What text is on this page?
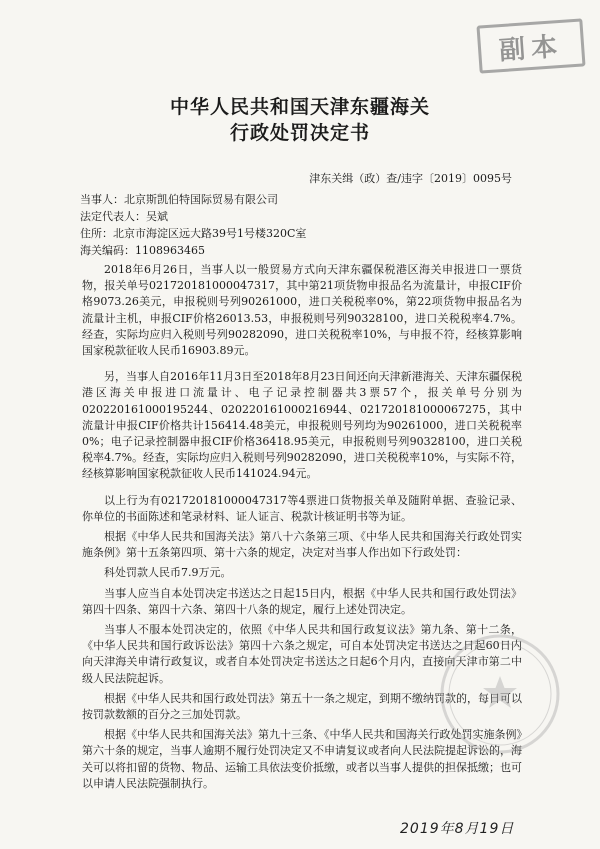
副本
中华人民共和国天津东疆海关
行政处罚决定书
津东关缉（政）查/违字〔2019〕0095号
当事人：北京斯凯伯特国际贸易有限公司
法定代表人：吴斌
住所：北京市海淀区远大路39号1号楼320C室
海关编码：1108963465

2018年6月26日，当事人以一般贸易方式向天津东疆保税港区海关申报进口一票货物，报关单号021720181000047317，其中第21项货物申报品名为流量计，申报CIF价格9073.26美元，申报税则号列90261000，进口关税税率0%，第22项货物申报品名为流量计主机，申报CIF价格26013.53，申报税则号列90328100，进口关税税率4.7%。经查，实际均应归入税则号列90282090，进口关税税率10%，与申报不符，经核算影响国家税款征收人民币16903.89元。

另，当事人自2016年11月3日至2018年8月23日间还向天津新港海关、天津东疆保税港区海关申报进口流量计、电子记录控制器共3票57个，报关单号分别为020220161000195244、020220161000216944、021720181000067275，其中流量计申报CIF价格共计156414.48美元，申报税则号列均为90261000，进口关税税率0%；电子记录控制器申报CIF价格36418.95美元，申报税则号列90328100，进口关税税率4.7%。经查，实际均应归入税则号列90282090，进口关税税率10%，与实际不符，经核算影响国家税款征收人民币141024.94元。

以上行为有021720181000047317等4票进口货物报关单及随附单据、查验记录、你单位的书面陈述和笔录材料、证人证言、税款计核证明书等为证。

根据《中华人民共和国海关法》第八十六条第三项、《中华人民共和国海关行政处罚实施条例》第十五条第四项、第十六条的规定，决定对当事人作出如下行政处罚：

科处罚款人民币7.9万元。

当事人应当自本处罚决定书送达之日起15日内，根据《中华人民共和国行政处罚法》第四十四条、第四十六条、第四十八条的规定，履行上述处罚决定。

当事人不服本处罚决定的，依照《中华人民共和国行政复议法》第九条、第十二条，《中华人民共和国行政诉讼法》第四十六条之规定，可自本处罚决定书送达之日起60日内向天津海关申请行政复议，或者自本处罚决定书送达之日起6个月内，直接向天津市第二中级人民法院起诉。

根据《中华人民共和国行政处罚法》第五十一条之规定，到期不缴纳罚款的，每日可以按罚款数额的百分之三加处罚款。

根据《中华人民共和国海关法》第九十三条、《中华人民共和国海关行政处罚实施条例》第六十条的规定，当事人逾期不履行处罚决定又不申请复议或者向人民法院提起诉讼的，海关可以将扣留的货物、物品、运输工具依法变价抵缴，或者以当事人提供的担保抵缴；也可以申请人民法院强制执行。

2019年8月19日
